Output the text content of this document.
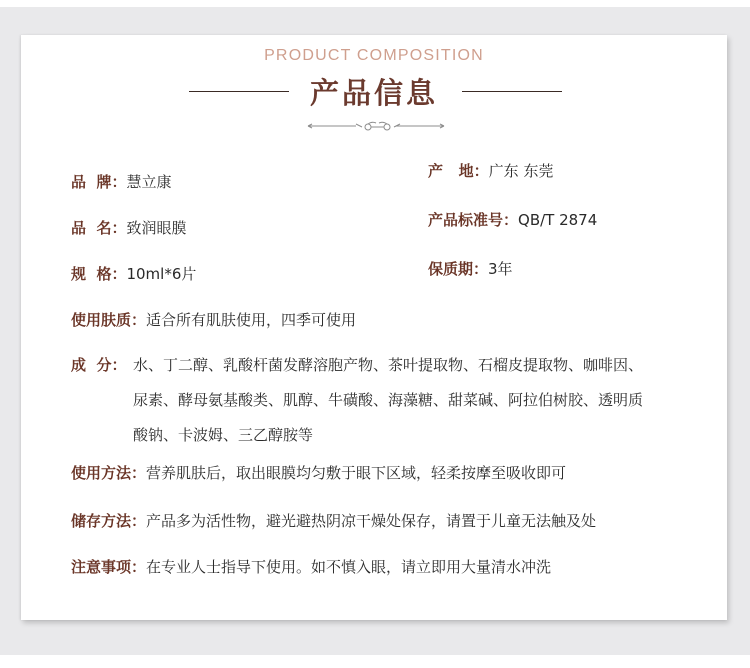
PRODUCT COMPOSITION
产品信息
品  牌：慧立康
品  名：致润眼膜
规  格：10ml*6片
产   地：广东 东莞
产品标准号：QB/T 2874
保质期：3年
使用肤质：适合所有肌肤使用，四季可使用
成  分： 水、丁二醇、乳酸杆菌发酵溶胞产物、茶叶提取物、石榴皮提取物、咖啡因、
尿素、酵母氨基酸类、肌醇、牛磺酸、海藻糖、甜菜碱、阿拉伯树胶、透明质
酸钠、卡波姆、三乙醇胺等
使用方法：营养肌肤后，取出眼膜均匀敷于眼下区域，轻柔按摩至吸收即可
储存方法：产品多为活性物，避光避热阴凉干燥处保存，请置于儿童无法触及处
注意事项：在专业人士指导下使用。如不慎入眼，请立即用大量清水冲洗
